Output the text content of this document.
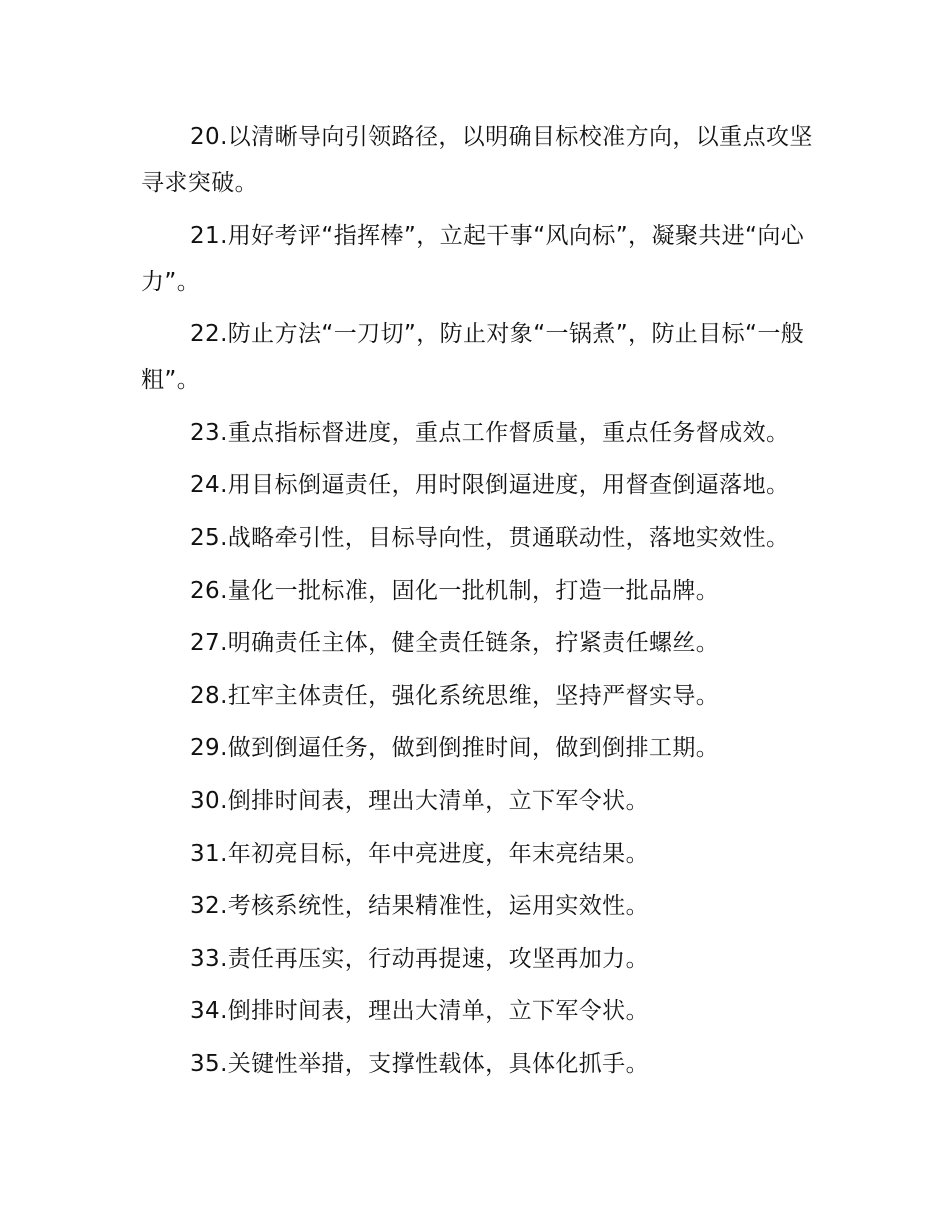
20.以清晰导向引领路径，以明确目标校准方向，以重点攻坚寻求突破。

21.用好考评“指挥棒”，立起干事“风向标”，凝聚共进“向心力”。

22.防止方法“一刀切”，防止对象“一锅煮”，防止目标“一般粗”。

23.重点指标督进度，重点工作督质量，重点任务督成效。

24.用目标倒逼责任，用时限倒逼进度，用督查倒逼落地。

25.战略牵引性，目标导向性，贯通联动性，落地实效性。

26.量化一批标准，固化一批机制，打造一批品牌。

27.明确责任主体，健全责任链条，拧紧责任螺丝。

28.扛牢主体责任，强化系统思维，坚持严督实导。

29.做到倒逼任务，做到倒推时间，做到倒排工期。

30.倒排时间表，理出大清单，立下军令状。

31.年初亮目标，年中亮进度，年末亮结果。

32.考核系统性，结果精准性，运用实效性。

33.责任再压实，行动再提速，攻坚再加力。

34.倒排时间表，理出大清单，立下军令状。

35.关键性举措，支撑性载体，具体化抓手。
